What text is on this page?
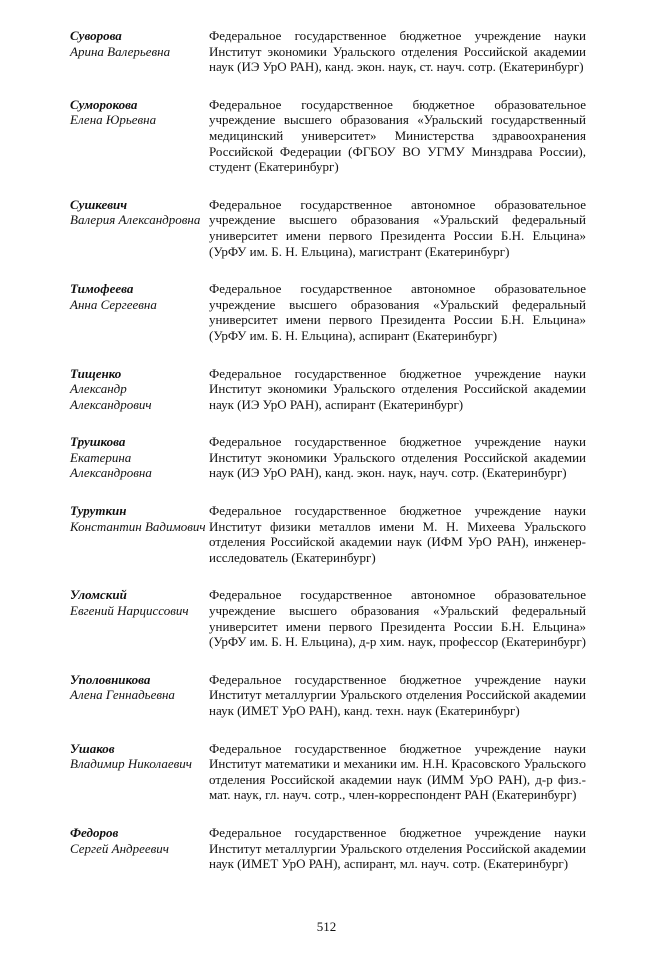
Суворова
Арина Валерьевна
Федеральное государственное бюджетное учреждение науки Институт экономики Уральского отделения Российской академии наук (ИЭ УрО РАН), канд. экон. наук, ст. науч. сотр. (Екатеринбург)
Суморокова
Елена Юрьевна
Федеральное государственное бюджетное образовательное учреждение высшего образования «Уральский государственный медицинский университет» Министерства здравоохранения Российской Федерации (ФГБОУ ВО УГМУ Минздрава России), студент (Екатеринбург)
Сушкевич
Валерия Александровна
Федеральное государственное автономное образовательное учреждение высшего образования «Уральский федеральный университет имени первого Президента России Б.Н. Ельцина» (УрФУ им. Б. Н. Ельцина), магистрант (Екатеринбург)
Тимофеева
Анна Сергеевна
Федеральное государственное автономное образовательное учреждение высшего образования «Уральский федеральный университет имени первого Президента России Б.Н. Ельцина» (УрФУ им. Б. Н. Ельцина), аспирант (Екатеринбург)
Тищенко
Александр Александрович
Федеральное государственное бюджетное учреждение науки Институт экономики Уральского отделения Российской академии наук (ИЭ УрО РАН), аспирант (Екатеринбург)
Трушкова
Екатерина Александровна
Федеральное государственное бюджетное учреждение науки Институт экономики Уральского отделения Российской академии наук (ИЭ УрО РАН), канд. экон. наук, науч. сотр. (Екатеринбург)
Туруткин
Константин Вадимович
Федеральное государственное бюджетное учреждение науки Институт физики металлов имени М. Н. Михеева Уральского отделения Российской академии наук (ИФМ УрО РАН), инженер-исследователь (Екатеринбург)
Уломский
Евгений Нарциссович
Федеральное государственное автономное образовательное учреждение высшего образования «Уральский федеральный университет имени первого Президента России Б.Н. Ельцина» (УрФУ им. Б. Н. Ельцина), д-р хим. наук, профессор (Екатеринбург)
Уполовникова
Алена Геннадьевна
Федеральное государственное бюджетное учреждение науки Институт металлургии Уральского отделения Российской академии наук (ИМЕТ УрО РАН), канд. техн. наук (Екатеринбург)
Ушаков
Владимир Николаевич
Федеральное государственное бюджетное учреждение науки Институт математики и механики им. Н.Н. Красовского Уральского отделения Российской академии наук (ИММ УрО РАН), д-р физ.-мат. наук, гл. науч. сотр., член-корреспондент РАН (Екатеринбург)
Федоров
Сергей Андреевич
Федеральное государственное бюджетное учреждение науки Институт металлургии Уральского отделения Российской академии наук (ИМЕТ УрО РАН), аспирант, мл. науч. сотр. (Екатеринбург)
512
